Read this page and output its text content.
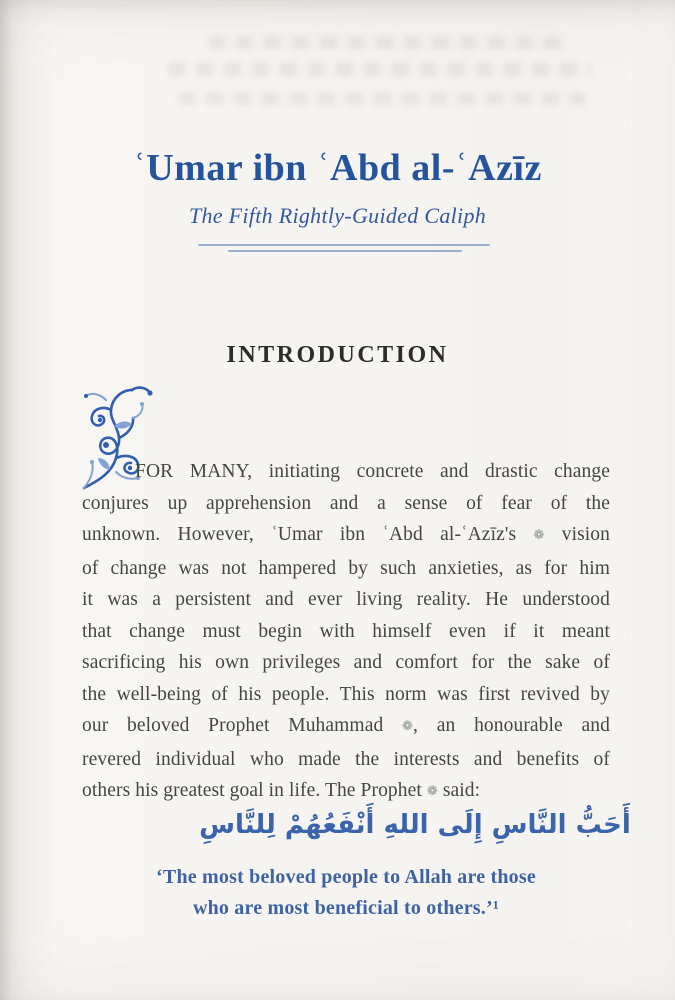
ʿUmar ibn ʿAbd al-ʿAzīz
The Fifth Rightly-Guided Caliph
INTRODUCTION
FOR MANY, initiating concrete and drastic change
conjures up apprehension and a sense of fear of the
unknown. However, ʿUmar ibn ʿAbd al-ʿAzīz's ❁ vision
of change was not hampered by such anxieties, as for him
it was a persistent and ever living reality. He understood
that change must begin with himself even if it meant
sacrificing his own privileges and comfort for the sake of
the well-being of his people. This norm was first revived by
our beloved Prophet Muhammad ❁, an honourable and
revered individual who made the interests and benefits of
others his greatest goal in life. The Prophet ❁ said:
أَحَبُّ النَّاسِ إِلَى اللهِ أَنْفَعُهُمْ لِلنَّاسِ
‘The most beloved people to Allah are those
who are most beneficial to others.’¹
